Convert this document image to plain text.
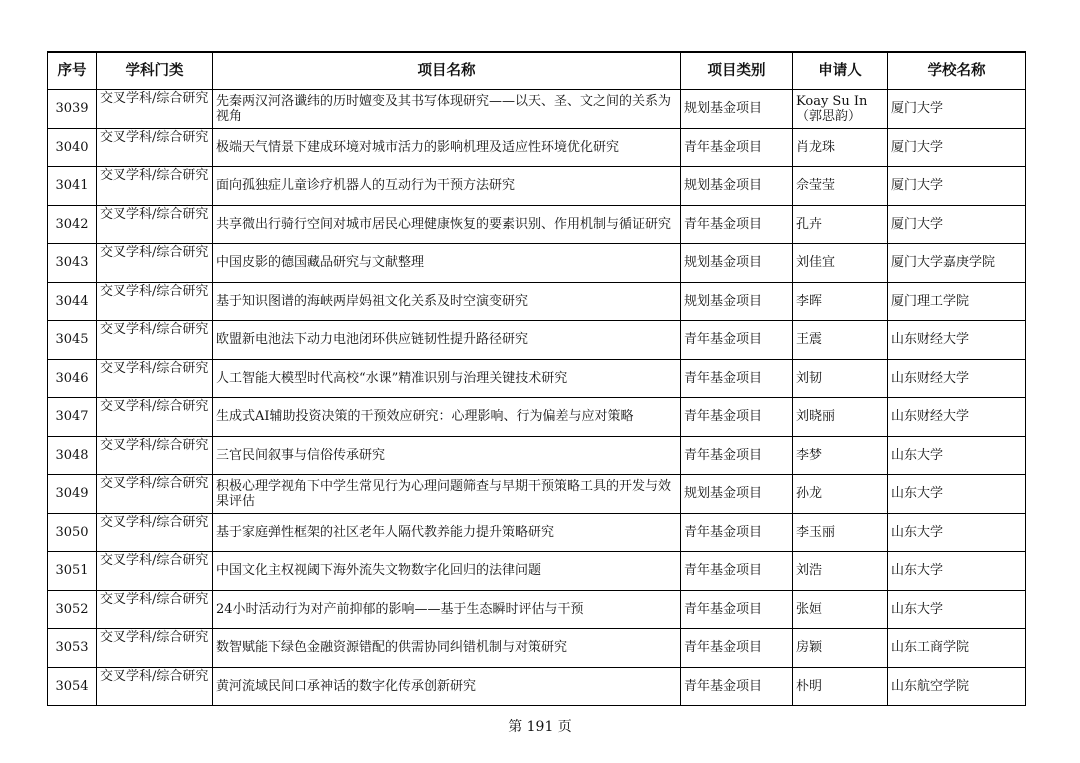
序号	学科门类	项目名称	项目类别	申请人	学校名称
3039	交叉学科/综合研究	先秦两汉河洛谶纬的历时嬗变及其书写体现研究——以天、圣、文之间的关系为视角	规划基金项目	Koay Su In（郭思韵）	厦门大学
3040	交叉学科/综合研究	极端天气情景下建成环境对城市活力的影响机理及适应性环境优化研究	青年基金项目	肖龙珠	厦门大学
3041	交叉学科/综合研究	面向孤独症儿童诊疗机器人的互动行为干预方法研究	规划基金项目	佘莹莹	厦门大学
3042	交叉学科/综合研究	共享微出行骑行空间对城市居民心理健康恢复的要素识别、作用机制与循证研究	青年基金项目	孔卉	厦门大学
3043	交叉学科/综合研究	中国皮影的德国藏品研究与文献整理	规划基金项目	刘佳宜	厦门大学嘉庚学院
3044	交叉学科/综合研究	基于知识图谱的海峡两岸妈祖文化关系及时空演变研究	规划基金项目	李晖	厦门理工学院
3045	交叉学科/综合研究	欧盟新电池法下动力电池闭环供应链韧性提升路径研究	青年基金项目	王震	山东财经大学
3046	交叉学科/综合研究	人工智能大模型时代高校“水课”精准识别与治理关键技术研究	青年基金项目	刘韧	山东财经大学
3047	交叉学科/综合研究	生成式AI辅助投资决策的干预效应研究：心理影响、行为偏差与应对策略	青年基金项目	刘晓丽	山东财经大学
3048	交叉学科/综合研究	三官民间叙事与信俗传承研究	青年基金项目	李梦	山东大学
3049	交叉学科/综合研究	积极心理学视角下中学生常见行为心理问题筛查与早期干预策略工具的开发与效果评估	规划基金项目	孙龙	山东大学
3050	交叉学科/综合研究	基于家庭弹性框架的社区老年人隔代教养能力提升策略研究	青年基金项目	李玉丽	山东大学
3051	交叉学科/综合研究	中国文化主权视阈下海外流失文物数字化回归的法律问题	青年基金项目	刘浩	山东大学
3052	交叉学科/综合研究	24小时活动行为对产前抑郁的影响——基于生态瞬时评估与干预	青年基金项目	张姮	山东大学
3053	交叉学科/综合研究	数智赋能下绿色金融资源错配的供需协同纠错机制与对策研究	青年基金项目	房颖	山东工商学院
3054	交叉学科/综合研究	黄河流域民间口承神话的数字化传承创新研究	青年基金项目	朴明	山东航空学院
第 191 页
